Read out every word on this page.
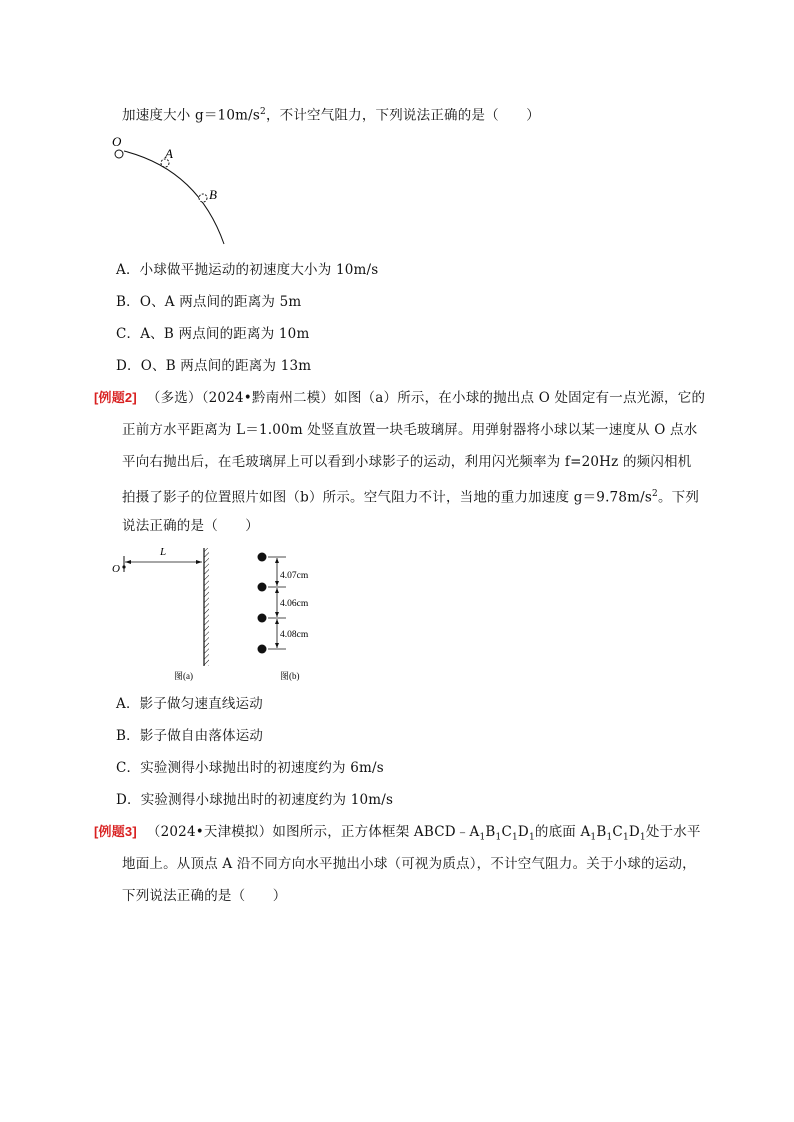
加速度大小 $g=10m/s^2$，不计空气阻力，下列说法正确的是（　　）
O
A
B
A．小球做平抛运动的初速度大小为 10m/s
B．O、A 两点间的距离为 5m
C．A、B 两点间的距离为 10m
D．O、B 两点间的距离为 13m
[例题2] （多选）（2024•黔南州二模）如图（a）所示，在小球的抛出点 O 处固定有一点光源，它的
正前方水平距离为 L＝1.00m 处竖直放置一块毛玻璃屏。用弹射器将小球以某一速度从 O 点水
平向右抛出后，在毛玻璃屏上可以看到小球影子的运动，利用闪光频率为 f=20Hz 的频闪相机
拍摄了影子的位置照片如图（b）所示。空气阻力不计，当地的重力加速度 $g=9.78m/s^2$。下列
说法正确的是（　　）
O
L
图(a)
4.07cm
4.06cm
4.08cm
图(b)
A．影子做匀速直线运动
B．影子做自由落体运动
C．实验测得小球抛出时的初速度约为 6m/s
D．实验测得小球抛出时的初速度约为 10m/s
[例题3] （2024•天津模拟）如图所示，正方体框架 $ABCD﹣A_1B_1C_1D_1$的底面 $A_1B_1C_1D_1$处于水平
地面上。从顶点 A 沿不同方向水平抛出小球（可视为质点），不计空气阻力。关于小球的运动，
下列说法正确的是（　　）
